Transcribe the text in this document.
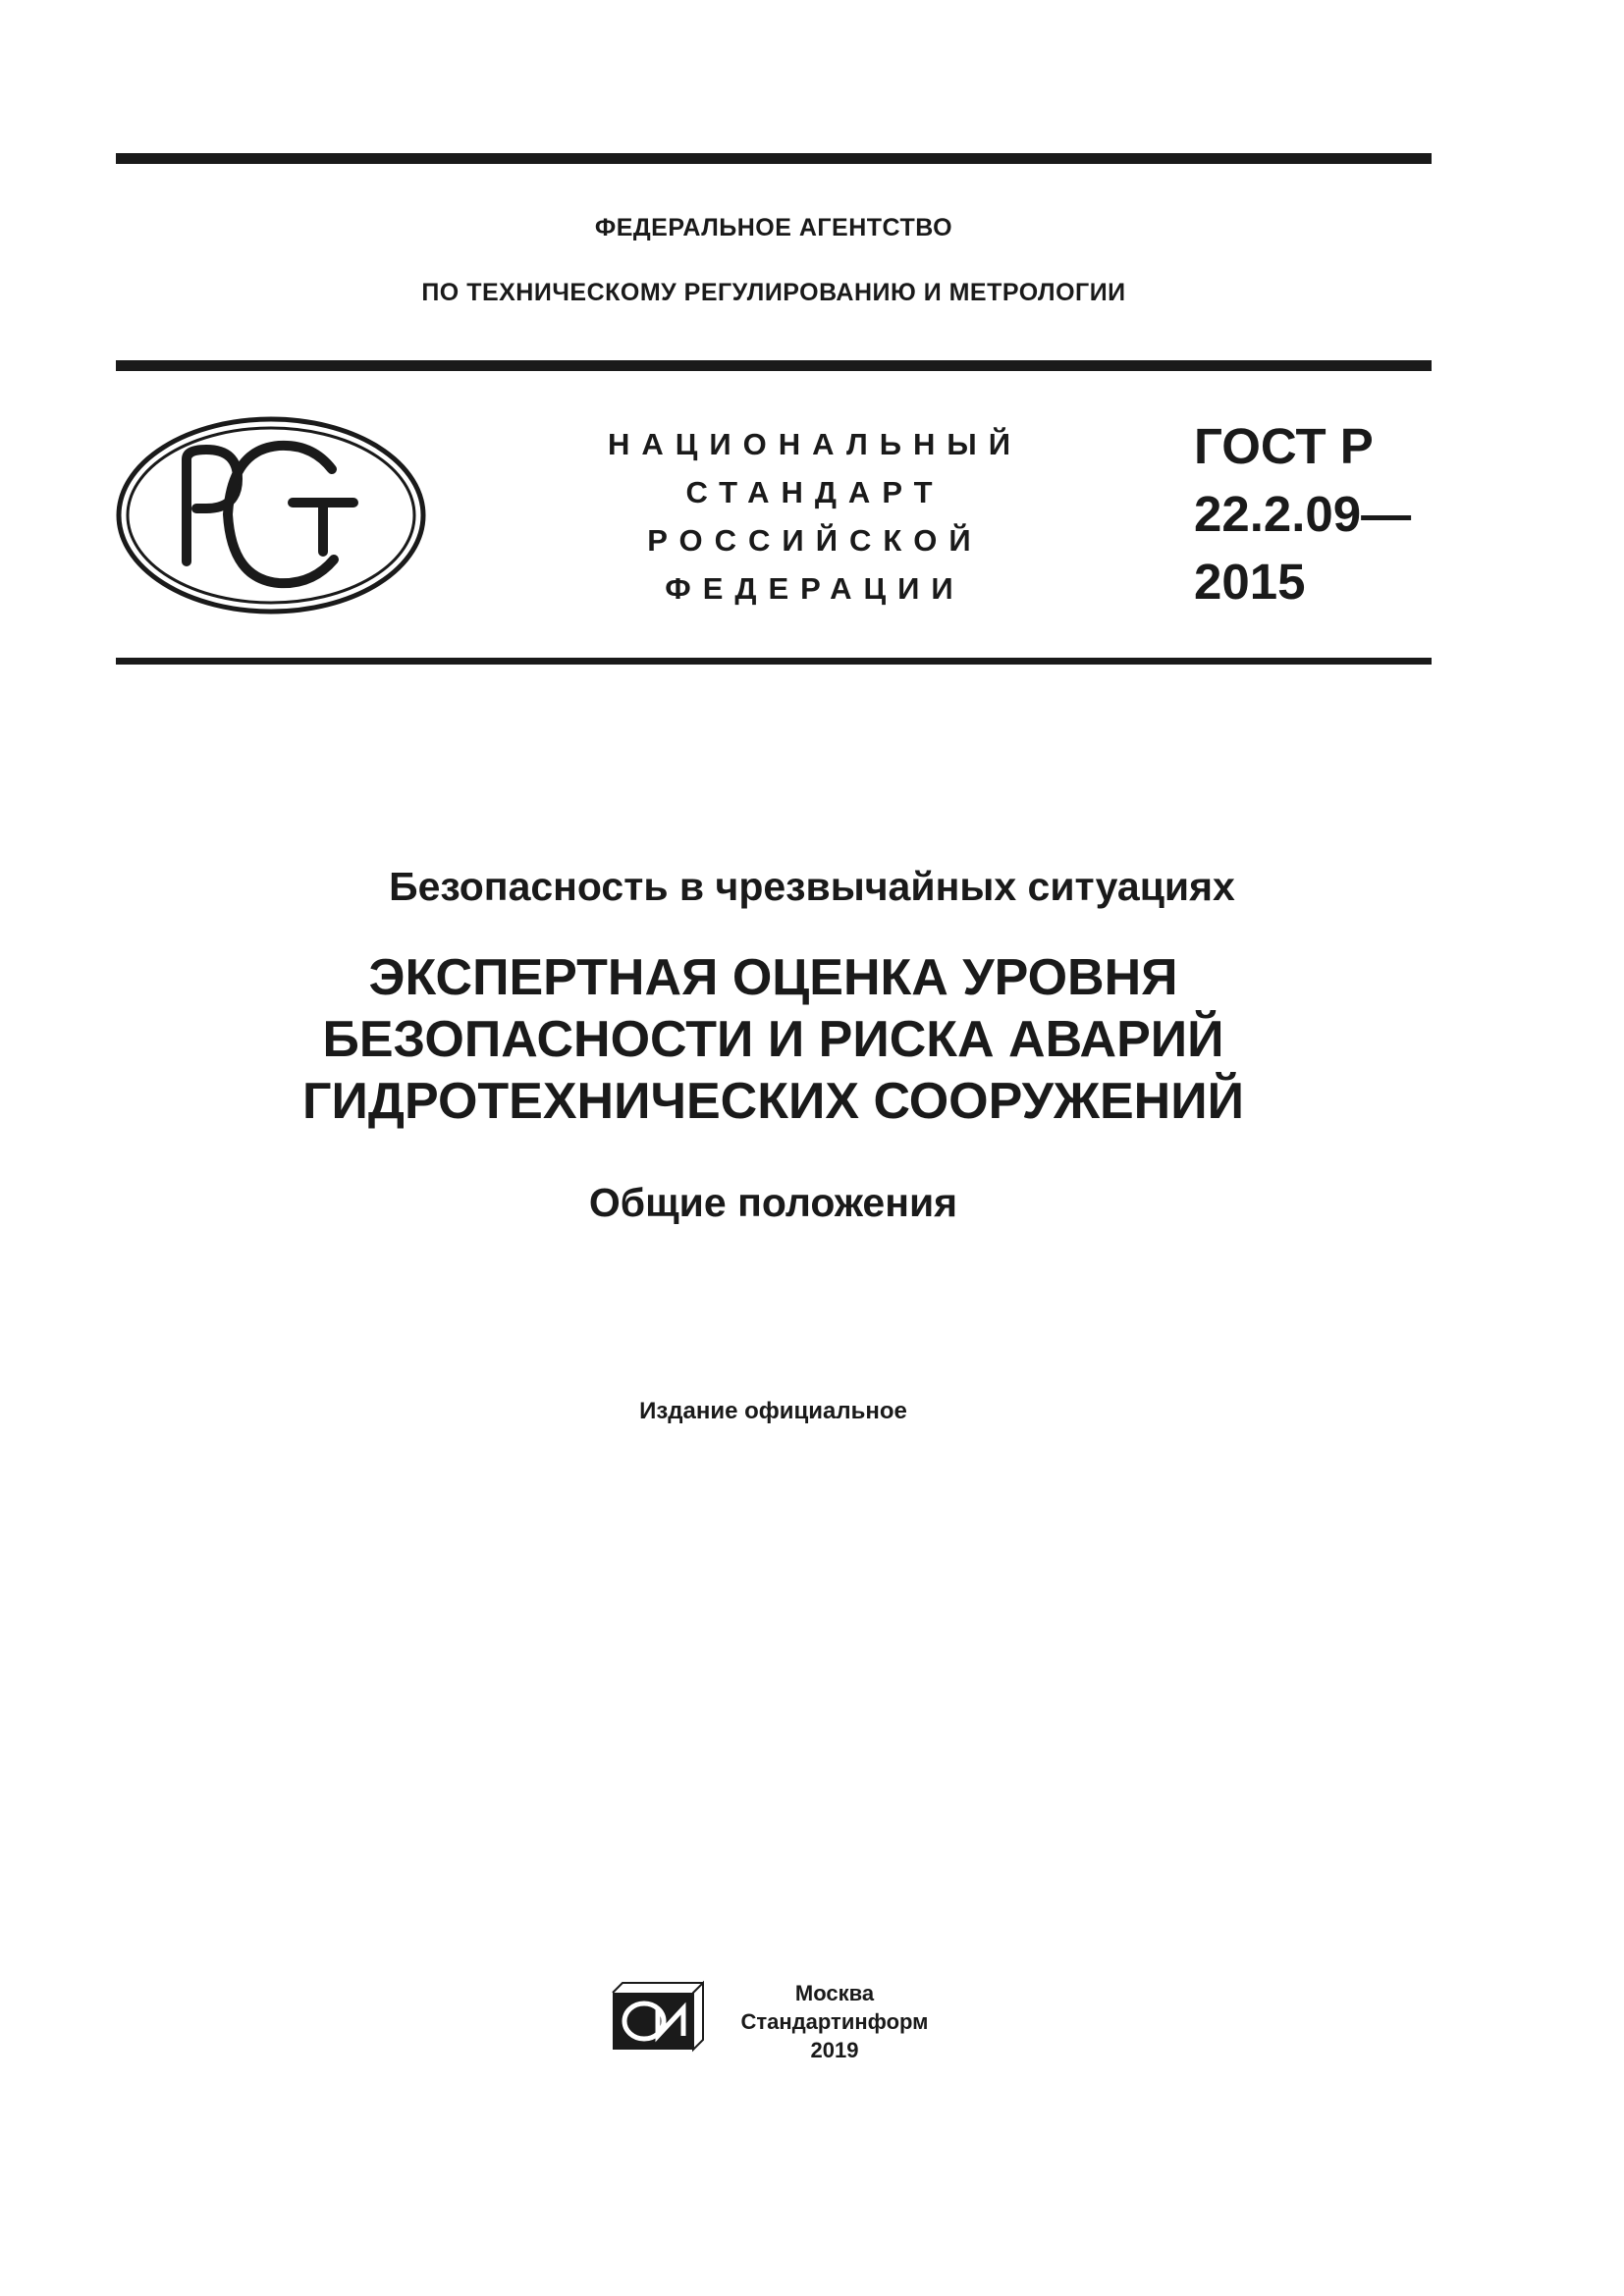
ФЕДЕРАЛЬНОЕ АГЕНТСТВО
ПО ТЕХНИЧЕСКОМУ РЕГУЛИРОВАНИЮ И МЕТРОЛОГИИ
НАЦИОНАЛЬНЫЙ
СТАНДАРТ
РОССИЙСКОЙ
ФЕДЕРАЦИИ
ГОСТ Р
22.2.09—
2015
Безопасность в чрезвычайных ситуациях
ЭКСПЕРТНАЯ ОЦЕНКА УРОВНЯ
БЕЗОПАСНОСТИ И РИСКА АВАРИЙ
ГИДРОТЕХНИЧЕСКИХ СООРУЖЕНИЙ
Общие положения
Издание официальное
Москва
Стандартинформ
2019
